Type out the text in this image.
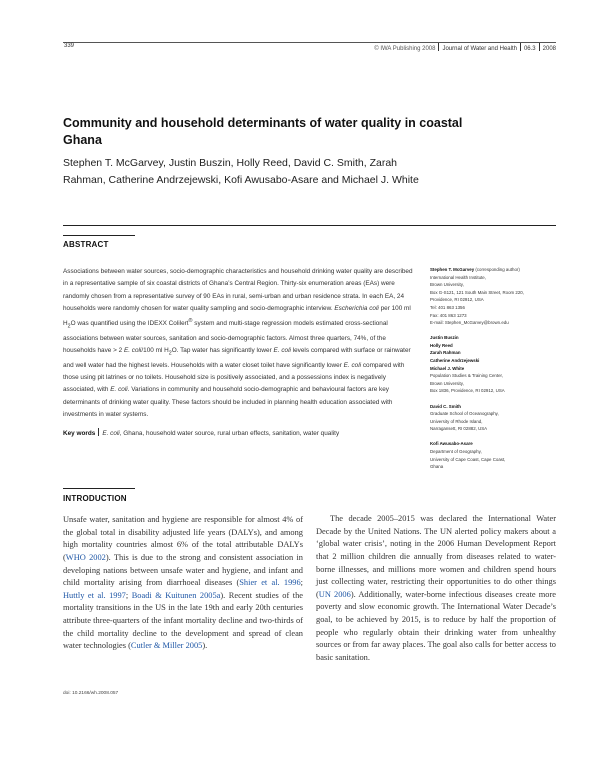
339	© IWA Publishing 2008 Journal of Water and Health 06.3 2008
Community and household determinants of water quality in coastal Ghana

Stephen T. McGarvey, Justin Buszin, Holly Reed, David C. Smith, Zarah Rahman, Catherine Andrzejewski, Kofi Awusabo-Asare and Michael J. White

ABSTRACT

Associations between water sources, socio-demographic characteristics and household drinking water quality are described in a representative sample of six coastal districts of Ghana’s Central Region. Thirty-six enumeration areas (EAs) were randomly chosen from a representative survey of 90 EAs in rural, semi-urban and urban residence strata. In each EA, 24 households were randomly chosen for water quality sampling and socio-demographic interview. Escherichia coli per 100 ml $H_2O$ was quantified using the IDEXX Colilert® system and multi-stage regression models estimated cross-sectional associations between water sources, sanitation and socio-demographic factors. Almost three quarters, 74%, of the households have > 2 E. coli/100 ml $H_2O$. Tap water has significantly lower E. coli levels compared with surface or rainwater and well water had the highest levels. Households with a water closet toilet have significantly lower E. coli compared with those using pit latrines or no toilets. Household size is positively associated, and a possessions index is negatively associated, with E. coli. Variations in community and household socio-demographic and behavioural factors are key determinants of drinking water quality. These factors should be included in planning health education associated with investments in water systems.

Key words E. coli, Ghana, household water source, rural urban effects, sanitation, water quality

Stephen T. McGarvey (corresponding author)
International Health Institute,
Brown University,
Box G-S121, 121 South Main Street, Room 220,
Providence, RI 02912, USA
Tel: 401 863 1356
Fax: 401 863 1273
E-mail: Stephen_McGarvey@brown.edu
Justin Buszin
Holly Reed
Zarah Rahman
Catherine Andrzejewski
Michael J. White
Population Studies & Training Center,
Brown University,
Box 1836, Providence, RI 02912, USA
David C. Smith
Graduate School of Oceanography,
University of Rhode Island,
Narragansett, RI 02882, USA
Kofi Awusabo-Asare
Department of Geography,
University of Cape Coast, Cape Coast,
Ghana
INTRODUCTION

Unsafe water, sanitation and hygiene are responsible for almost 4% of the global total in disability adjusted life years (DALYs), and among high mortality countries almost 6% of the total attributable DALYs (WHO 2002). This is due to the strong and consistent association in developing nations between unsafe water and hygiene, and infant and child mortality arising from diarrhoeal diseases (Shier et al. 1996; Huttly et al. 1997; Boadi & Kuitunen 2005a). Recent studies of the mortality transitions in the US in the late 19th and early 20th centuries attribute three-quarters of the infant mortality decline and two-thirds of the child mortality decline to the development and spread of clean water technologies (Cutler & Miller 2005).

The decade 2005–2015 was declared the International Water Decade by the United Nations. The UN alerted policy makers about a ‘global water crisis’, noting in the 2006 Human Development Report that 2 million children die annually from diseases related to water-borne illnesses, and millions more women and children spend hours just collecting water, restricting their opportunities to do other things (UN 2006). Additionally, water-borne infectious diseases create more poverty and slow economic growth. The International Water Decade’s goal, to be achieved by 2015, is to reduce by half the proportion of people who regularly obtain their drinking water from unhealthy sources or from far away places. The goal also calls for better access to basic sanitation.

doi: 10.2166/wh.2008.057
